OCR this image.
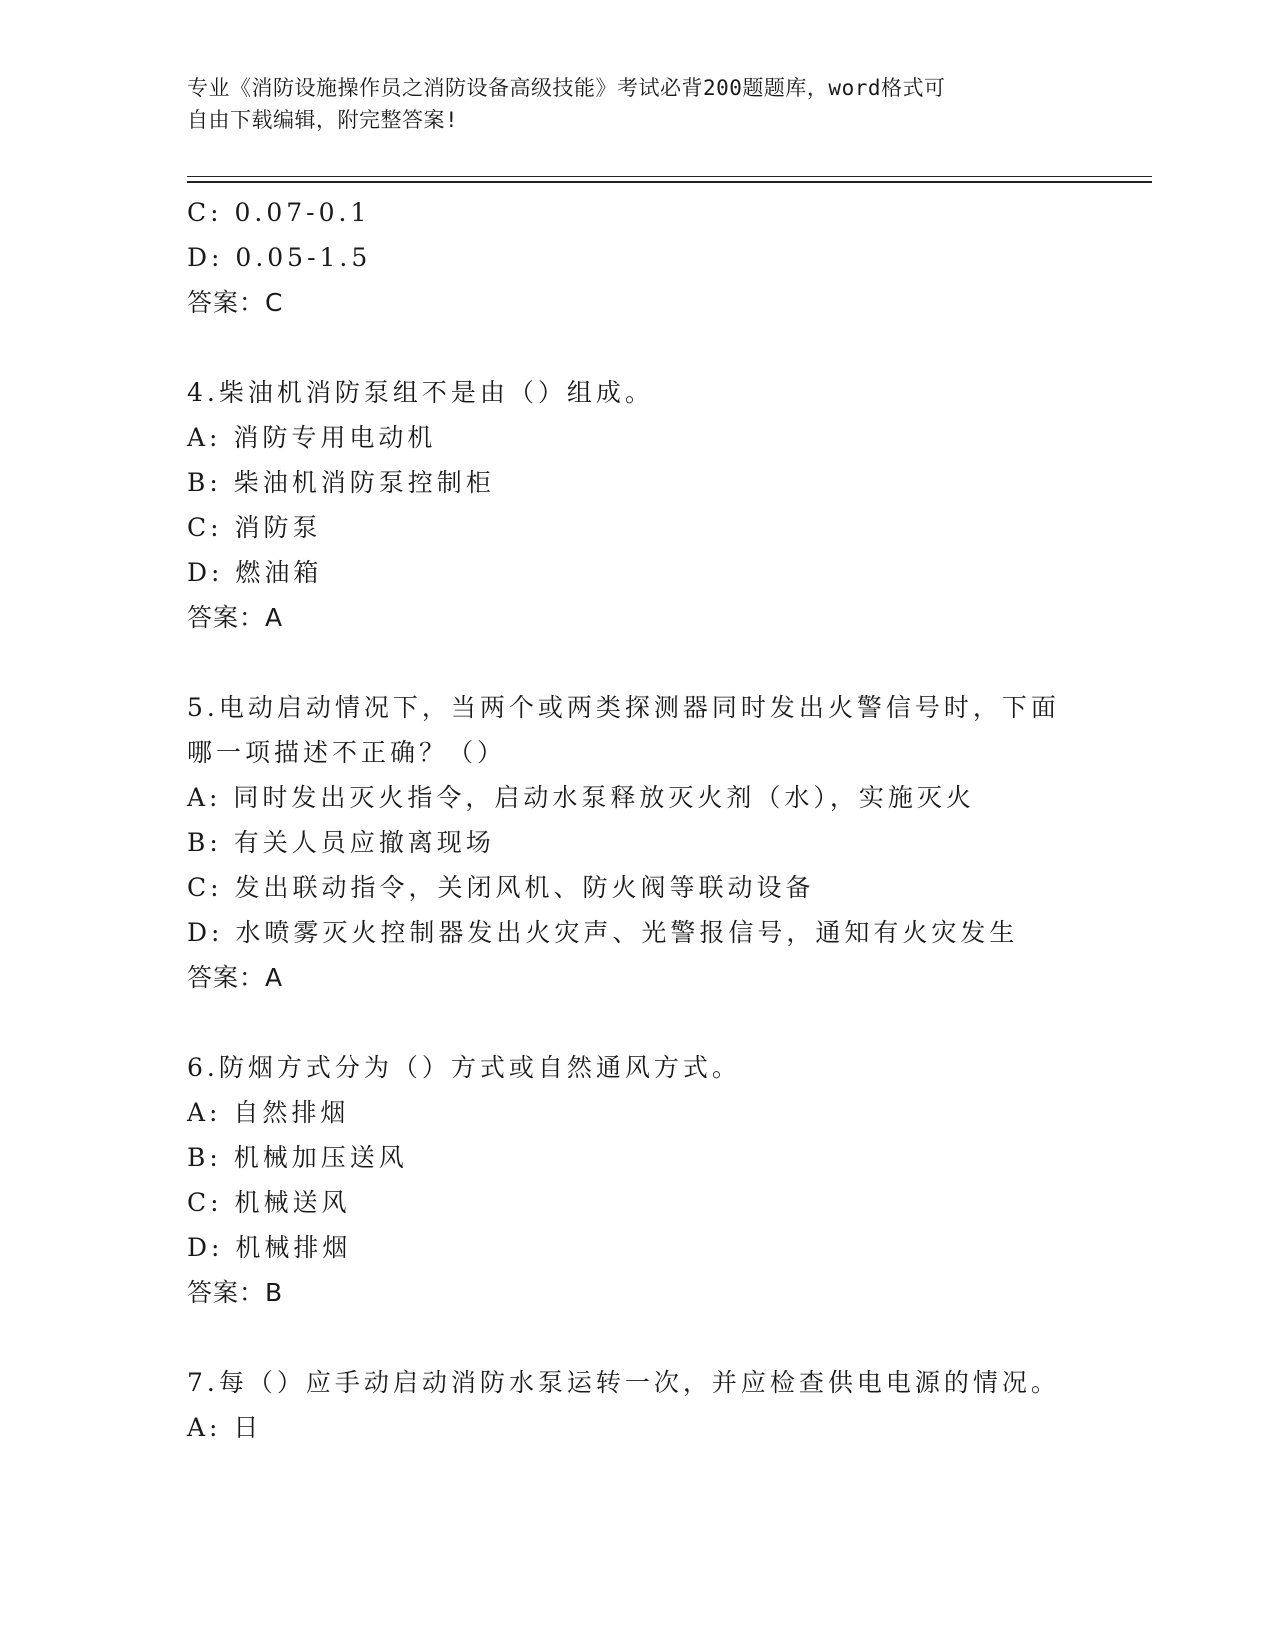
专业《消防设施操作员之消防设备高级技能》考试必背200题题库，word格式可
自由下载编辑，附完整答案!
C: 0.07-0.1
D: 0.05-1.5
答案：C
4.柴油机消防泵组不是由（）组成。
A: 消防专用电动机
B: 柴油机消防泵控制柜
C: 消防泵
D: 燃油箱
答案：A
5.电动启动情况下，当两个或两类探测器同时发出火警信号时，下面
哪一项描述不正确？（）
A: 同时发出灭火指令，启动水泵释放灭火剂（水），实施灭火
B: 有关人员应撤离现场
C: 发出联动指令，关闭风机、防火阀等联动设备
D: 水喷雾灭火控制器发出火灾声、光警报信号，通知有火灾发生
答案：A
6.防烟方式分为（）方式或自然通风方式。
A: 自然排烟
B: 机械加压送风
C: 机械送风
D: 机械排烟
答案：B
7.每（）应手动启动消防水泵运转一次，并应检查供电电源的情况。
A: 日
